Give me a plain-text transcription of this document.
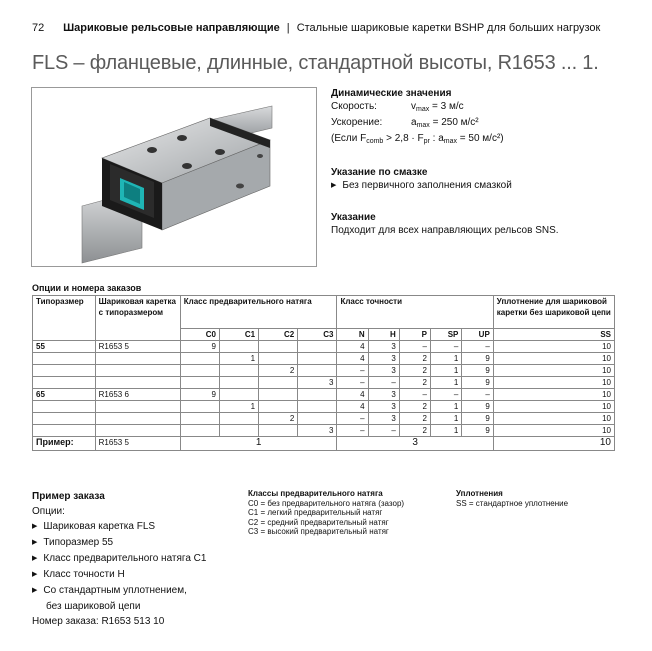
72 Шариковые рельсовые направляющие | Стальные шариковые каретки BSHP для больших нагрузок
FLS – фланцевые, длинные, стандартной высоты, R1653 ... 1.
Динамические значения
Скорость:	$v_{max} = 3$ м/с
Ускорение:	$a_{max} = 250$ м/с²
(Если $F_{comb} > 2,8 \cdot F_{pr}$ : $a_{max} = 50$ м/с²)
Указание по смазке
▶ Без первичного заполнения смазкой
Указание
Подходит для всех направляющих рельсов SNS.
Опции и номера заказов
Типоразмер	Шариковая каретка с типоразмером	Класс предварительного натяга				Класс точности					Уплотнение для шариковой каретки без шариковой цепи
		C0	C1	C2	C3	N	H	P	SP	UP	SS
55	R1653 5	9				4	3	–	–	–	10
			1			4	3	2	1	9	10
				2		–	3	2	1	9	10
					3	–	–	2	1	9	10
65	R1653 6	9				4	3	–	–	–	10
			1			4	3	2	1	9	10
				2		–	3	2	1	9	10
					3	–	–	2	1	9	10
Пример:	R1653 5	1				3					10
Пример заказа
Опции:
▶ Шариковая каретка FLS
▶ Типоразмер 55
▶ Класс предварительного натяга C1
▶ Класс точности H
▶ Со стандартным уплотнением,
без шариковой цепи
Номер заказа: R1653 513 10
Классы предварительного натяга
C0 = без предварительного натяга (зазор)
C1 = легкий предварительный натяг
C2 = средний предварительный натяг
C3 = высокий предварительный натяг
Уплотнения
SS = стандартное уплотнение
